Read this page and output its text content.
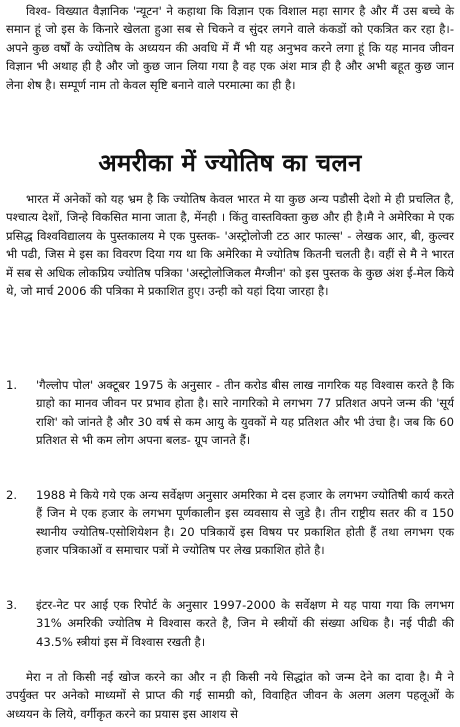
विश्व- विख्यात वैज्ञानिक 'न्यूटन' ने कहाथा कि विज्ञान एक विशाल महा सागर है और मैं उस बच्चे के समान हूं जो इस के किनारे खेलता हुआ सब से चिकने व सुंदर लगने वाले कंकडों को एकत्रित कर रहा है।- अपने कुछ वर्षों के ज्योतिष के अध्ययन की अवधि में मैं भी यह अनुभव करने लगा हूं कि यह मानव जीवन विज्ञान भी अथाह ही है और जो कुछ जान लिया गया है वह एक अंश मात्र ही है और अभी बहूत कुछ जान लेना शेष है। सम्पूर्ण नाम तो केवल सृष्टि बनाने वाले परमात्मा का ही है।

अमरीका में ज्योतिष का चलन

भारत में अनेकों को यह भ्रम है कि ज्योतिष केवल भारत मे या कुछ अन्य पडौसी देशो मे ही प्रचलित है, पश्चात्य देशों, जिन्हे विकसित माना जाता है, मेंनही । किंतु वास्तविक्ता कुछ और ही है।मै ने अमेरिका मे एक प्रसिद्ध विश्वविद्यालय के पुस्तकालय मे एक पुस्तक- 'अस्ट्रोलोजी टठ आर फाल्स' - लेखक आर, बी, कुल्वर भी पढी, जिस मे इस का विवरण दिया गय था कि अमेरिका मे ज्योतिष कितनी चलती है। वहीं से मै ने भारत में सब से अधिक लोकप्रिय ज्योतिष पत्रिका 'अस्ट्रोलोजिकल मैग्जीन' को इस पुस्तक के कुछ अंश ई-मेल किये थे, जो मार्च 2006 की पत्रिका मे प्रकाशित हुए। उन्ही को यहां दिया जारहा है।

1.	'गैल्लोप पोल' अक्टूबर 1975 के अनुसार - तीन करोड बीस लाख नागरिक यह विश्वास करते है कि ग्राहो का मानव जीवन पर प्रभाव होता है। सारे नागरिको मे लगभग 77 प्रतिशत अपने जन्म की 'सूर्य राशि' को जांनते है और 30 वर्ष से कम आयु के युवकों मे यह प्रतिशत और भी उंचा है। जब कि 60 प्रतिशत से भी कम लोग अपना बलड- ग्रूप जानते हैं।

2.	1988 मे किये गये एक अन्य सर्वेक्षण अनुसार अमरिका मे दस हजार के लगभग ज्योतिषी कार्य करते हैं जिन मे एक हजार के लगभग पूर्णकालीन इस व्यवसाय से जुडे है। तीन राष्ट्रीय सतर की व 150 स्थानीय ज्योतिष-एसोशियेशन है। 20 पत्रिकायें इस विषय पर प्रकाशित होती हैं तथा लगभग एक हजार पत्रिकाओं व समाचार पत्रों मे ज्योतिष पर लेख प्रकाशित होते है।

3.	इंटर-नेट पर आई एक रिपोर्ट के अनुसार 1997-2000 के सर्वेक्षण मे यह पाया गया कि लगभग 31% अमरिकी ज्योतिष मे विश्वास करते है, जिन मे स्त्रीयों की संख्या अधिक है। नई पीढी की 43.5% स्त्रीयां इस में विश्वास रखती है।

मेरा न तो किसी नई खोज करने का और न ही किसी नये सिद्धांत को जन्म देने का दावा है। मै ने उपर्युक्त पर अनेको माध्यमों से प्राप्त की गई सामग्री को, विवाहित जीवन के अलग अलग पहलूओं के अध्ययन के लिये, वर्गीकृत करने का प्रयास इस आशय से
